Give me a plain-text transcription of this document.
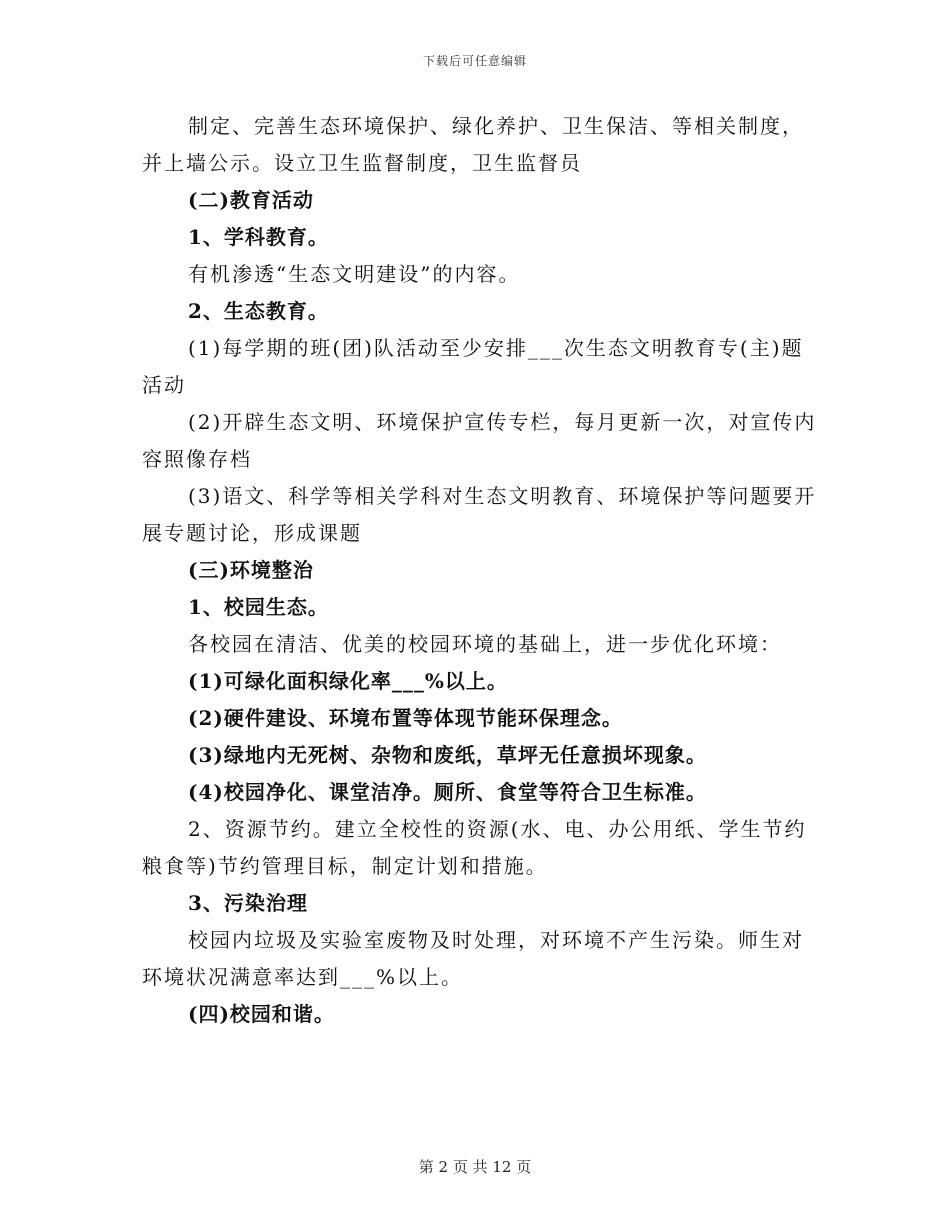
下载后可任意编辑
制定、完善生态环境保护、绿化养护、卫生保洁、等相关制度，
并上墙公示。设立卫生监督制度，卫生监督员
(二)教育活动
1、学科教育。
有机渗透“生态文明建设”的内容。
2、生态教育。
(1)每学期的班(团)队活动至少安排___次生态文明教育专(主)题
活动
(2)开辟生态文明、环境保护宣传专栏，每月更新一次，对宣传内
容照像存档
(3)语文、科学等相关学科对生态文明教育、环境保护等问题要开
展专题讨论，形成课题
(三)环境整治
1、校园生态。
各校园在清洁、优美的校园环境的基础上，进一步优化环境：
(1)可绿化面积绿化率___%以上。
(2)硬件建设、环境布置等体现节能环保理念。
(3)绿地内无死树、杂物和废纸，草坪无任意损坏现象。
(4)校园净化、课堂洁净。厕所、食堂等符合卫生标准。
2、资源节约。建立全校性的资源(水、电、办公用纸、学生节约
粮食等)节约管理目标，制定计划和措施。
3、污染治理
校园内垃圾及实验室废物及时处理，对环境不产生污染。师生对
环境状况满意率达到___%以上。
(四)校园和谐。
第 2 页 共 12 页
